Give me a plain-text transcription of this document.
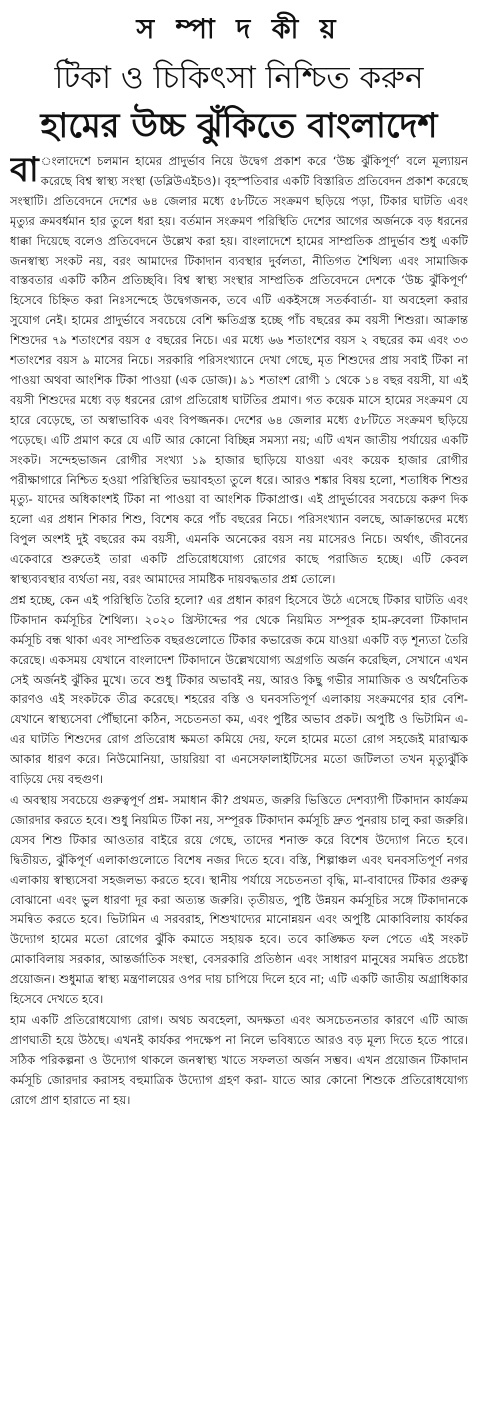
স ম্পা দ কী য়
টিকা ও চিকিৎসা নিশ্চিত করুন
হামের উচ্চ ঝুঁকিতে বাংলাদেশ

বা ংলাদেশে চলমান হামের প্রাদুর্ভাব নিয়ে উদ্বেগ প্রকাশ করে ‘উচ্চ ঝুঁকিপূর্ণ’ বলে মূল্যায়ন করেছে বিশ্ব স্বাস্থ্য সংস্থা (ডব্লিউএইচও)। বৃহস্পতিবার একটি বিস্তারিত প্রতিবেদন প্রকাশ করেছে সংস্থাটি। প্রতিবেদনে দেশের ৬৪ জেলার মধ্যে ৫৮টিতে সংক্রমণ ছড়িয়ে পড়া, টিকার ঘাটতি এবং মৃত্যুর ক্রমবর্ধমান হার তুলে ধরা হয়। বর্তমান সংক্রমণ পরিস্থিতি দেশের আগের অর্জনকে বড় ধরনের ধাক্কা দিয়েছে বলেও প্রতিবেদনে উল্লেখ করা হয়। বাংলাদেশে হামের সাম্প্রতিক প্রাদুর্ভাব শুধু একটি জনস্বাস্থ্য সংকট নয়, বরং আমাদের টিকাদান ব্যবস্থার দুর্বলতা, নীতিগত শৈথিল্য এবং সামাজিক বাস্তবতার একটি কঠিন প্রতিচ্ছবি। বিশ্ব স্বাস্থ্য সংস্থার সাম্প্রতিক প্রতিবেদনে দেশকে ‘উচ্চ ঝুঁকিপূর্ণ’ হিসেবে চিহ্নিত করা নিঃসন্দেহে উদ্বেগজনক, তবে এটি একইসঙ্গে সতর্কবার্তা- যা অবহেলা করার সুযোগ নেই। হামের প্রাদুর্ভাবে সবচেয়ে বেশি ক্ষতিগ্রস্ত হচ্ছে পাঁচ বছরের কম বয়সী শিশুরা। আক্রান্ত শিশুদের ৭৯ শতাংশের বয়স ৫ বছরের নিচে। এর মধ্যে ৬৬ শতাংশের বয়স ২ বছরের কম এবং ৩৩ শতাংশের বয়স ৯ মাসের নিচে। সরকারি পরিসংখ্যানে দেখা গেছে, মৃত শিশুদের প্রায় সবাই টিকা না পাওয়া অথবা আংশিক টিকা পাওয়া (এক ডোজ)। ৯১ শতাংশ রোগী ১ থেকে ১৪ বছর বয়সী, যা এই বয়সী শিশুদের মধ্যে বড় ধরনের রোগ প্রতিরোধ ঘাটতির প্রমাণ। গত কয়েক মাসে হামের সংক্রমণ যে হারে বেড়েছে, তা অস্বাভাবিক এবং বিপজ্জনক। দেশের ৬৪ জেলার মধ্যে ৫৮টিতে সংক্রমণ ছড়িয়ে পড়েছে। এটি প্রমাণ করে যে এটি আর কোনো বিচ্ছিন্ন সমস্যা নয়; এটি এখন জাতীয় পর্যায়ের একটি সংকট। সন্দেহভাজন রোগীর সংখ্যা ১৯ হাজার ছাড়িয়ে যাওয়া এবং কয়েক হাজার রোগীর পরীক্ষাগারে নিশ্চিত হওয়া পরিস্থিতির ভয়াবহতা তুলে ধরে। আরও শঙ্কার বিষয় হলো, শতাধিক শিশুর মৃত্যু- যাদের অধিকাংশই টিকা না পাওয়া বা আংশিক টিকাপ্রাপ্ত। এই প্রাদুর্ভাবের সবচেয়ে করুণ দিক হলো এর প্রধান শিকার শিশু, বিশেষ করে পাঁচ বছরের নিচে। পরিসংখ্যান বলছে, আক্রান্তদের মধ্যে বিপুল অংশই দুই বছরের কম বয়সী, এমনকি অনেকের বয়স নয় মাসেরও নিচে। অর্থাৎ, জীবনের একেবারে শুরুতেই তারা একটি প্রতিরোধযোগ্য রোগের কাছে পরাজিত হচ্ছে। এটি কেবল স্বাস্থ্যব্যবস্থার ব্যর্থতা নয়, বরং আমাদের সামষ্টিক দায়বদ্ধতার প্রশ্ন তোলে।

প্রশ্ন হচ্ছে, কেন এই পরিস্থিতি তৈরি হলো? এর প্রধান কারণ হিসেবে উঠে এসেছে টিকার ঘাটতি এবং টিকাদান কর্মসূচির শৈথিল্য। ২০২০ খ্রিস্টাব্দের পর থেকে নিয়মিত সম্পূরক হাম-রুবেলা টিকাদান কর্মসূচি বন্ধ থাকা এবং সাম্প্রতিক বছরগুলোতে টিকার কভারেজ কমে যাওয়া একটি বড় শূন্যতা তৈরি করেছে। একসময় যেখানে বাংলাদেশ টিকাদানে উল্লেখযোগ্য অগ্রগতি অর্জন করেছিল, সেখানে এখন সেই অর্জনই ঝুঁকির মুখে। তবে শুধু টিকার অভাবই নয়, আরও কিছু গভীর সামাজিক ও অর্থনৈতিক কারণও এই সংকটকে তীব্র করেছে। শহরের বস্তি ও ঘনবসতিপূর্ণ এলাকায় সংক্রমণের হার বেশি-যেখানে স্বাস্থ্যসেবা পৌঁছানো কঠিন, সচেতনতা কম, এবং পুষ্টির অভাব প্রকট। অপুষ্টি ও ভিটামিন এ-এর ঘাটতি শিশুদের রোগ প্রতিরোধ ক্ষমতা কমিয়ে দেয়, ফলে হামের মতো রোগ সহজেই মারাত্মক আকার ধারণ করে। নিউমোনিয়া, ডায়রিয়া বা এনসেফালাইটিসের মতো জটিলতা তখন মৃত্যুঝুঁকি বাড়িয়ে দেয় বহুগুণ।

এ অবস্থায় সবচেয়ে গুরুত্বপূর্ণ প্রশ্ন- সমাধান কী? প্রথমত, জরুরি ভিত্তিতে দেশব্যাপী টিকাদান কার্যক্রম জোরদার করতে হবে। শুধু নিয়মিত টিকা নয়, সম্পূরক টিকাদান কর্মসূচি দ্রুত পুনরায় চালু করা জরুরি। যেসব শিশু টিকার আওতার বাইরে রয়ে গেছে, তাদের শনাক্ত করে বিশেষ উদ্যোগ নিতে হবে। দ্বিতীয়ত, ঝুঁকিপূর্ণ এলাকাগুলোতে বিশেষ নজর দিতে হবে। বস্তি, শিল্পাঞ্চল এবং ঘনবসতিপূর্ণ নগর এলাকায় স্বাস্থ্যসেবা সহজলভ্য করতে হবে। স্থানীয় পর্যায়ে সচেতনতা বৃদ্ধি, মা-বাবাদের টিকার গুরুত্ব বোঝানো এবং ভুল ধারণা দূর করা অত্যন্ত জরুরি। তৃতীয়ত, পুষ্টি উন্নয়ন কর্মসূচির সঙ্গে টিকাদানকে সমন্বিত করতে হবে। ভিটামিন এ সরবরাহ, শিশুখাদ্যের মানোন্নয়ন এবং অপুষ্টি মোকাবিলায় কার্যকর উদ্যোগ হামের মতো রোগের ঝুঁকি কমাতে সহায়ক হবে। তবে কাঙ্ক্ষিত ফল পেতে এই সংকট মোকাবিলায় সরকার, আন্তর্জাতিক সংস্থা, বেসরকারি প্রতিষ্ঠান এবং সাধারণ মানুষের সমন্বিত প্রচেষ্টা প্রয়োজন। শুধুমাত্র স্বাস্থ্য মন্ত্রণালয়ের ওপর দায় চাপিয়ে দিলে হবে না; এটি একটি জাতীয় অগ্রাধিকার হিসেবে দেখতে হবে।

হাম একটি প্রতিরোধযোগ্য রোগ। অথচ অবহেলা, অদক্ষতা এবং অসচেতনতার কারণে এটি আজ প্রাণঘাতী হয়ে উঠছে। এখনই কার্যকর পদক্ষেপ না নিলে ভবিষ্যতে আরও বড় মূল্য দিতে হতে পারে। সঠিক পরিকল্পনা ও উদ্যোগ থাকলে জনস্বাস্থ্য খাতে সফলতা অর্জন সম্ভব। এখন প্রয়োজন টিকাদান কর্মসূচি জোরদার করাসহ বহুমাত্রিক উদ্যোগ গ্রহণ করা- যাতে আর কোনো শিশুকে প্রতিরোধযোগ্য রোগে প্রাণ হারাতে না হয়।
